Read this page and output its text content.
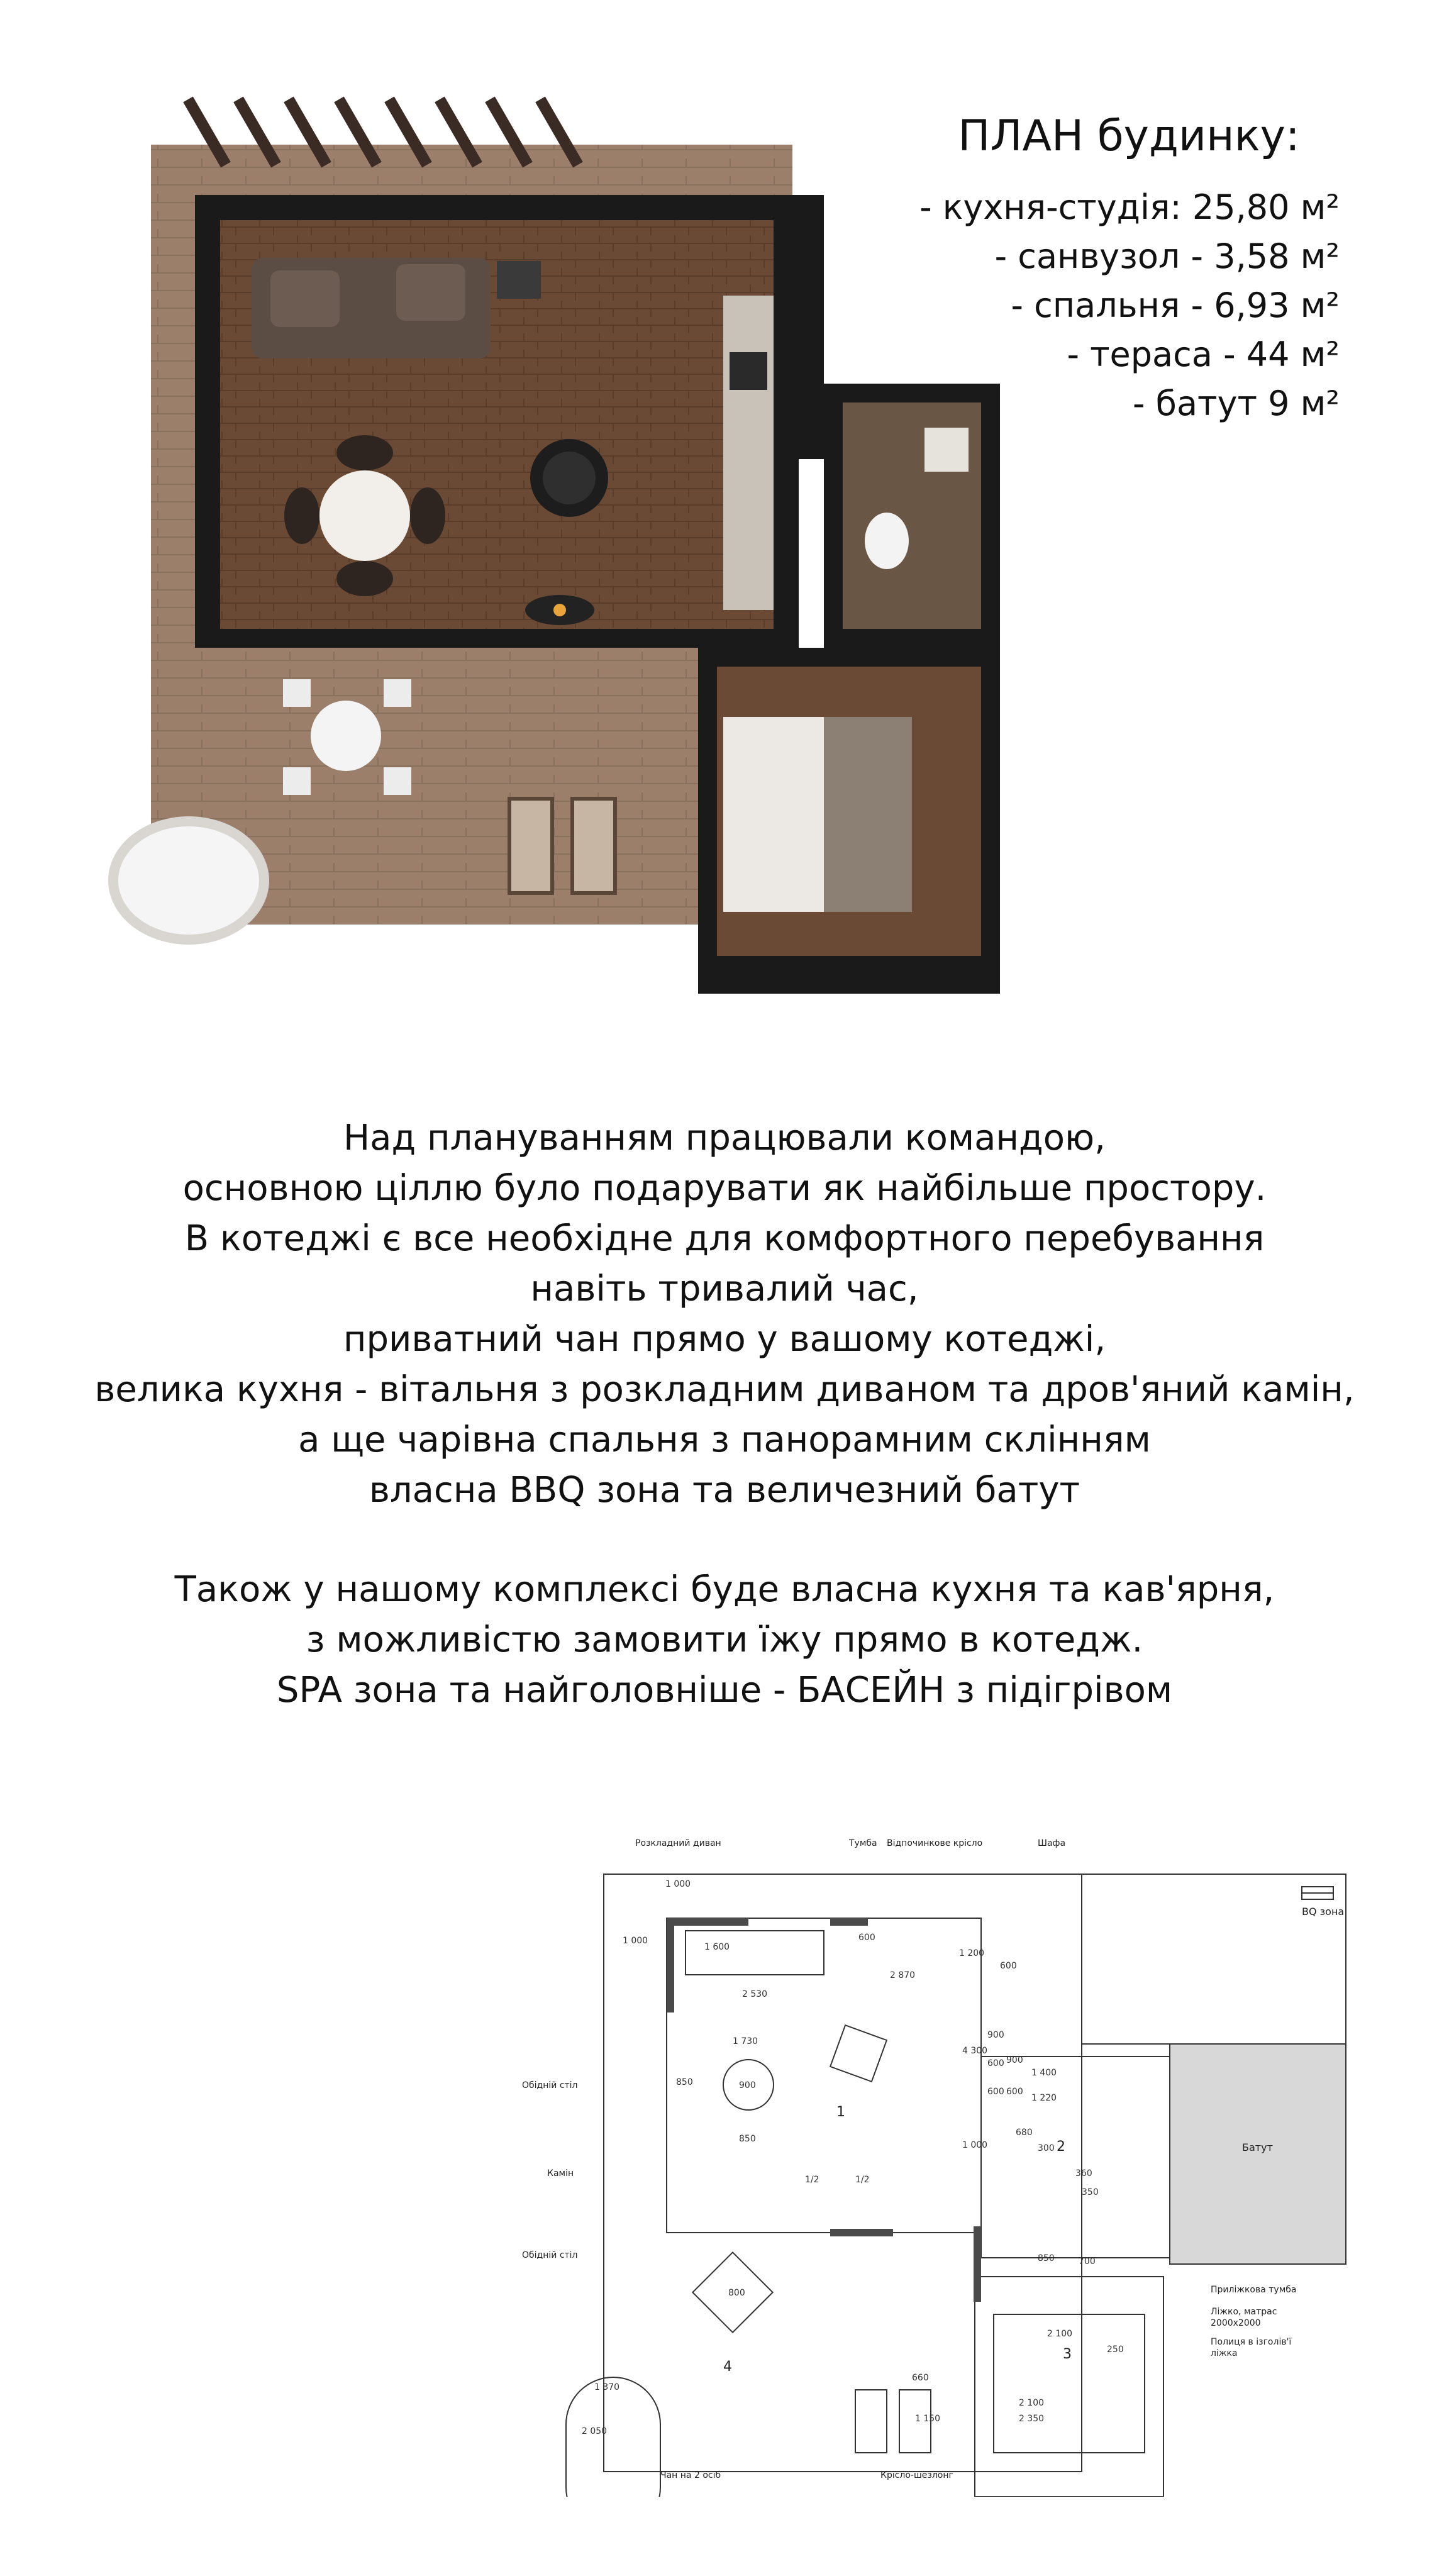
ПЛАН будинку:
- кухня-студія: 25,80 м²
- санвузол - 3,58 м²
- спальня - 6,93 м²
- тераса - 44 м²
- батут 9 м²

Над плануванням працювали командою,

основною ціллю було подарувати як найбільше простору.

В котеджі є все необхідне для комфортного перебування

навіть тривалий час,

приватний чан прямо у вашому котеджі,

велика кухня - вітальня з розкладним диваном та дров'яний камін,

а ще чарівна спальня з панорамним склінням

власна BBQ зона та величезний батут

Також у нашому комплексі буде власна кухня та кав'ярня,

з можливістю замовити їжу прямо в котедж.

SPA зона та найголовніше - БАСЕЙН з підігрівом

BQ зона
Батут
1
2
3
4
Розкладний диван	Тумба Відпочинкове крісло	Шафа
Обідній стіл
Камін
Обідній стіл
Чан на 2 осіб	Крісло-шезлонг
Приліжкова тумба
Ліжко, матрас
2000х2000
Полиця в ізголів'ї
ліжка
1 000
1 000
1 600
2 530
600
2 870
1 200
600
1 730
4 300
900
600
600
1 000
850	900
850
1 400
1 220
680
900
600
300
360
350
850	700
2 100
250
2 100
2 350
1 370
2 050
660
1 150
800
1/2	1/2
